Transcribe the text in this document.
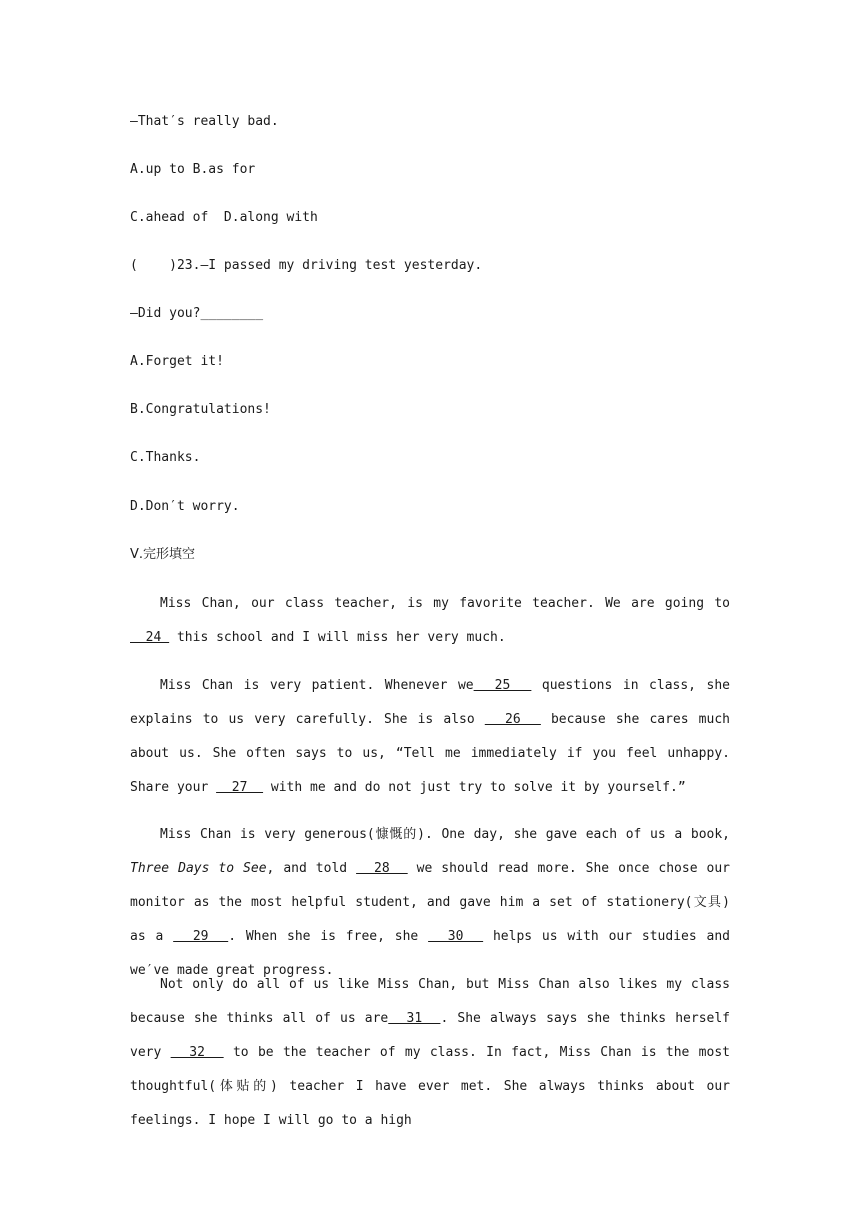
—That′s really bad.
A.up to B.as for
C.ahead of  D.along with
(    )23.—I passed my driving test yesterday.
—Did you?________
A.Forget it!
B.Congratulations!
C.Thanks.
D.Don′t worry.
Ⅴ.完形填空

Miss Chan, our class teacher, is my favorite teacher. We are going to   24  this school and I will miss her very much.

Miss Chan is very patient. Whenever we  25   questions in class, she explains to us very carefully. She is also   26   because she cares much about us. She often says to us, “Tell me immediately if you feel unhappy. Share your   27   with me and do not just try to solve it by yourself.”

Miss Chan is very generous(慷慨的). One day, she gave each of us a book, Three Days to See, and told   28   we should read more. She once chose our monitor as the most helpful student, and gave him a set of stationery(文具) as a   29  . When she is free, she   30   helps us with our studies and we′ve made great progress.

Not only do all of us like Miss Chan, but Miss Chan also likes my class because she thinks all of us are  31  . She always says she thinks herself very   32   to be the teacher of my class. In fact, Miss Chan is the most thoughtful(体贴的) teacher I have ever met. She always thinks about our feelings. I hope I will go to a high
